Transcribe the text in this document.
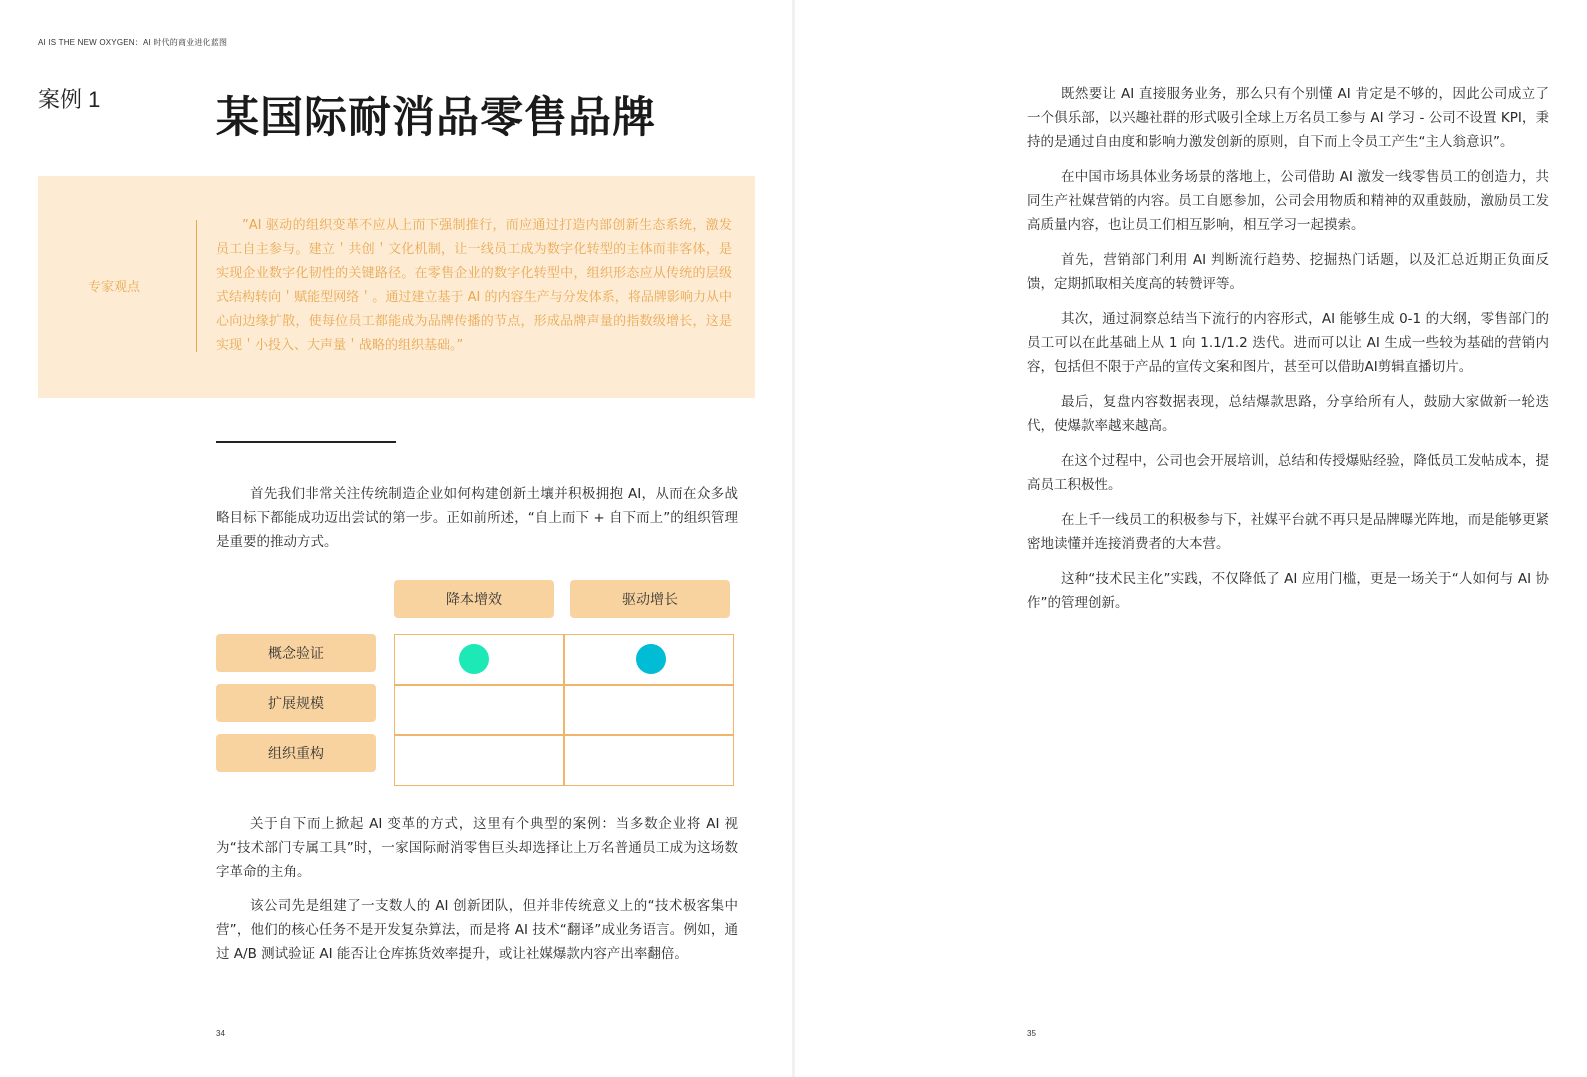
AI IS THE NEW OXYGEN：AI 时代的商业进化蓝图
案例 1	某国际耐消品零售品牌
专家观点

”AI 驱动的组织变革不应从上而下强制推行，而应通过打造内部创新生态系统，激发员工自主参与。建立＇共创＇文化机制，让一线员工成为数字化转型的主体而非客体，是实现企业数字化韧性的关键路径。在零售企业的数字化转型中，组织形态应从传统的层级式结构转向＇赋能型网络＇。通过建立基于 AI 的内容生产与分发体系，将品牌影响力从中心向边缘扩散，使每位员工都能成为品牌传播的节点，形成品牌声量的指数级增长，这是实现＇小投入、大声量＇战略的组织基础。”

首先我们非常关注传统制造企业如何构建创新土壤并积极拥抱 AI，从而在众多战略目标下都能成功迈出尝试的第一步。正如前所述，“自上而下 + 自下而上”的组织管理是重要的推动方式。

降本增效	驱动增长
概念验证
扩展规模
组织重构

关于自下而上掀起 AI 变革的方式，这里有个典型的案例：当多数企业将 AI 视为“技术部门专属工具”时，一家国际耐消零售巨头却选择让上万名普通员工成为这场数字革命的主角。

该公司先是组建了一支数人的 AI 创新团队，但并非传统意义上的“技术极客集中营”，他们的核心任务不是开发复杂算法，而是将 AI 技术“翻译”成业务语言。例如，通过 A/B 测试验证 AI 能否让仓库拣货效率提升，或让社媒爆款内容产出率翻倍。

34	35

既然要让 AI 直接服务业务，那么只有个别懂 AI 肯定是不够的，因此公司成立了一个俱乐部，以兴趣社群的形式吸引全球上万名员工参与 AI 学习 - 公司不设置 KPI，秉持的是通过自由度和影响力激发创新的原则，自下而上令员工产生“主人翁意识”。

在中国市场具体业务场景的落地上，公司借助 AI 激发一线零售员工的创造力，共同生产社媒营销的内容。员工自愿参加，公司会用物质和精神的双重鼓励，激励员工发高质量内容，也让员工们相互影响，相互学习一起摸索。

首先，营销部门利用 AI 判断流行趋势、挖掘热门话题，以及汇总近期正负面反馈，定期抓取相关度高的转赞评等。

其次，通过洞察总结当下流行的内容形式，AI 能够生成 0-1 的大纲，零售部门的员工可以在此基础上从 1 向 1.1/1.2 迭代。进而可以让 AI 生成一些较为基础的营销内容，包括但不限于产品的宣传文案和图片，甚至可以借助AI剪辑直播切片。

最后，复盘内容数据表现，总结爆款思路，分享给所有人，鼓励大家做新一轮迭代，使爆款率越来越高。

在这个过程中，公司也会开展培训，总结和传授爆贴经验，降低员工发帖成本，提高员工积极性。

在上千一线员工的积极参与下，社媒平台就不再只是品牌曝光阵地，而是能够更紧密地读懂并连接消费者的大本营。

这种“技术民主化”实践，不仅降低了 AI 应用门槛，更是一场关于“人如何与 AI 协作”的管理创新。
